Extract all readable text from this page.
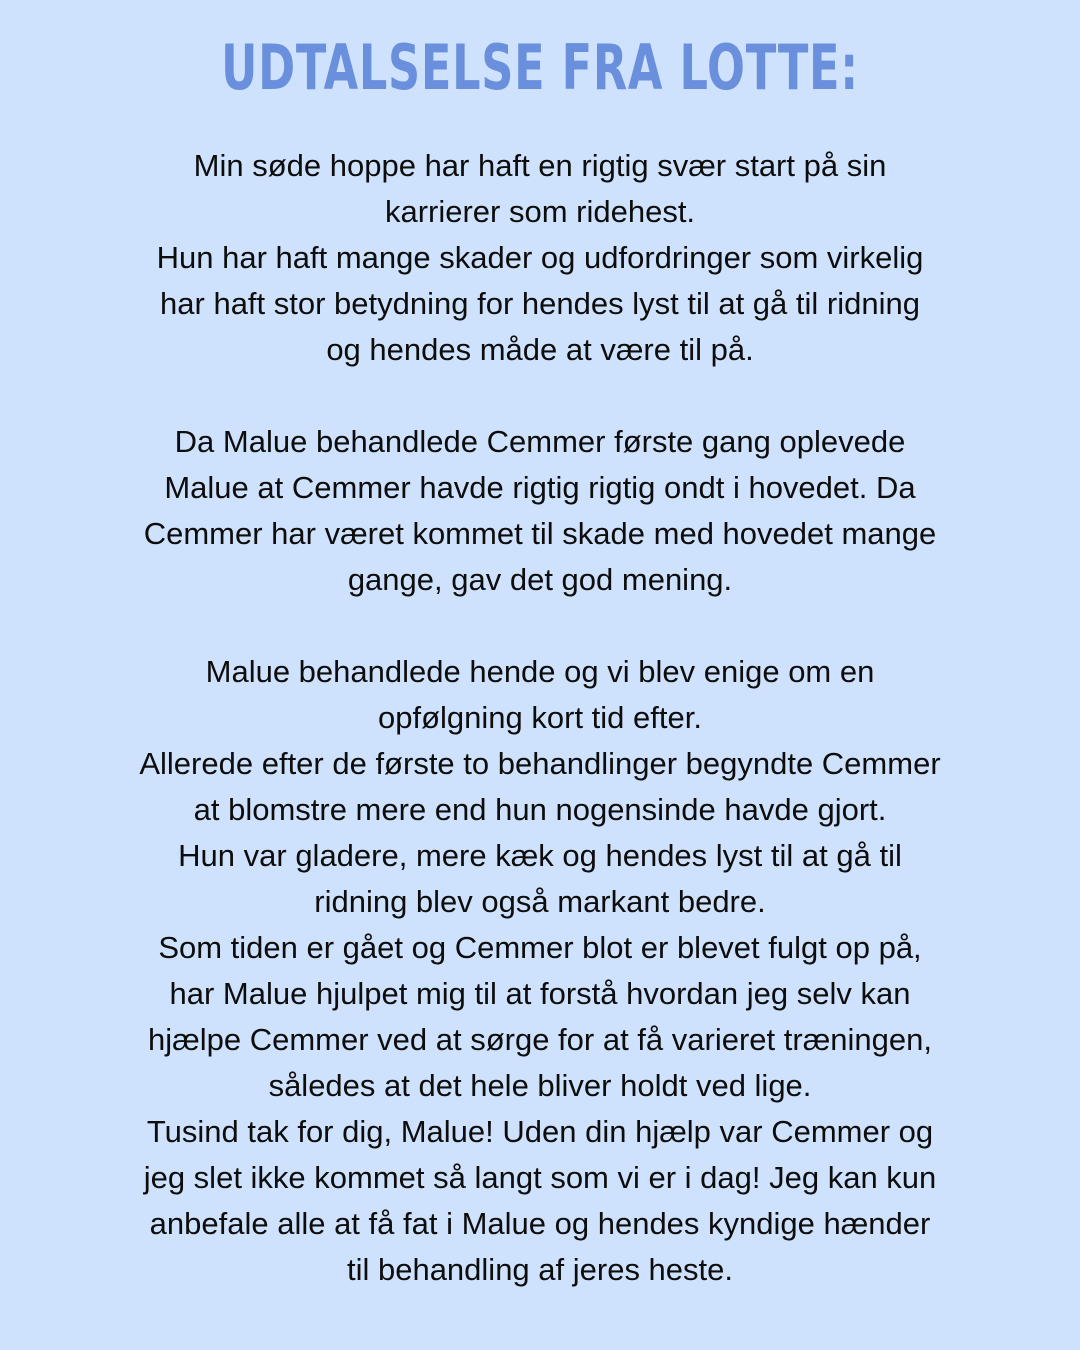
UDTALSELSE FRA LOTTE:
Min søde hoppe har haft en rigtig svær start på sin
karrierer som ridehest.
Hun har haft mange skader og udfordringer som virkelig
har haft stor betydning for hendes lyst til at gå til ridning
og hendes måde at være til på.
Da Malue behandlede Cemmer første gang oplevede
Malue at Cemmer havde rigtig rigtig ondt i hovedet. Da
Cemmer har været kommet til skade med hovedet mange
gange, gav det god mening.
Malue behandlede hende og vi blev enige om en
opfølgning kort tid efter.
Allerede efter de første to behandlinger begyndte Cemmer
at blomstre mere end hun nogensinde havde gjort.
Hun var gladere, mere kæk og hendes lyst til at gå til
ridning blev også markant bedre.
Som tiden er gået og Cemmer blot er blevet fulgt op på,
har Malue hjulpet mig til at forstå hvordan jeg selv kan
hjælpe Cemmer ved at sørge for at få varieret træningen,
således at det hele bliver holdt ved lige.
Tusind tak for dig, Malue! Uden din hjælp var Cemmer og
jeg slet ikke kommet så langt som vi er i dag! Jeg kan kun
anbefale alle at få fat i Malue og hendes kyndige hænder
til behandling af jeres heste.
